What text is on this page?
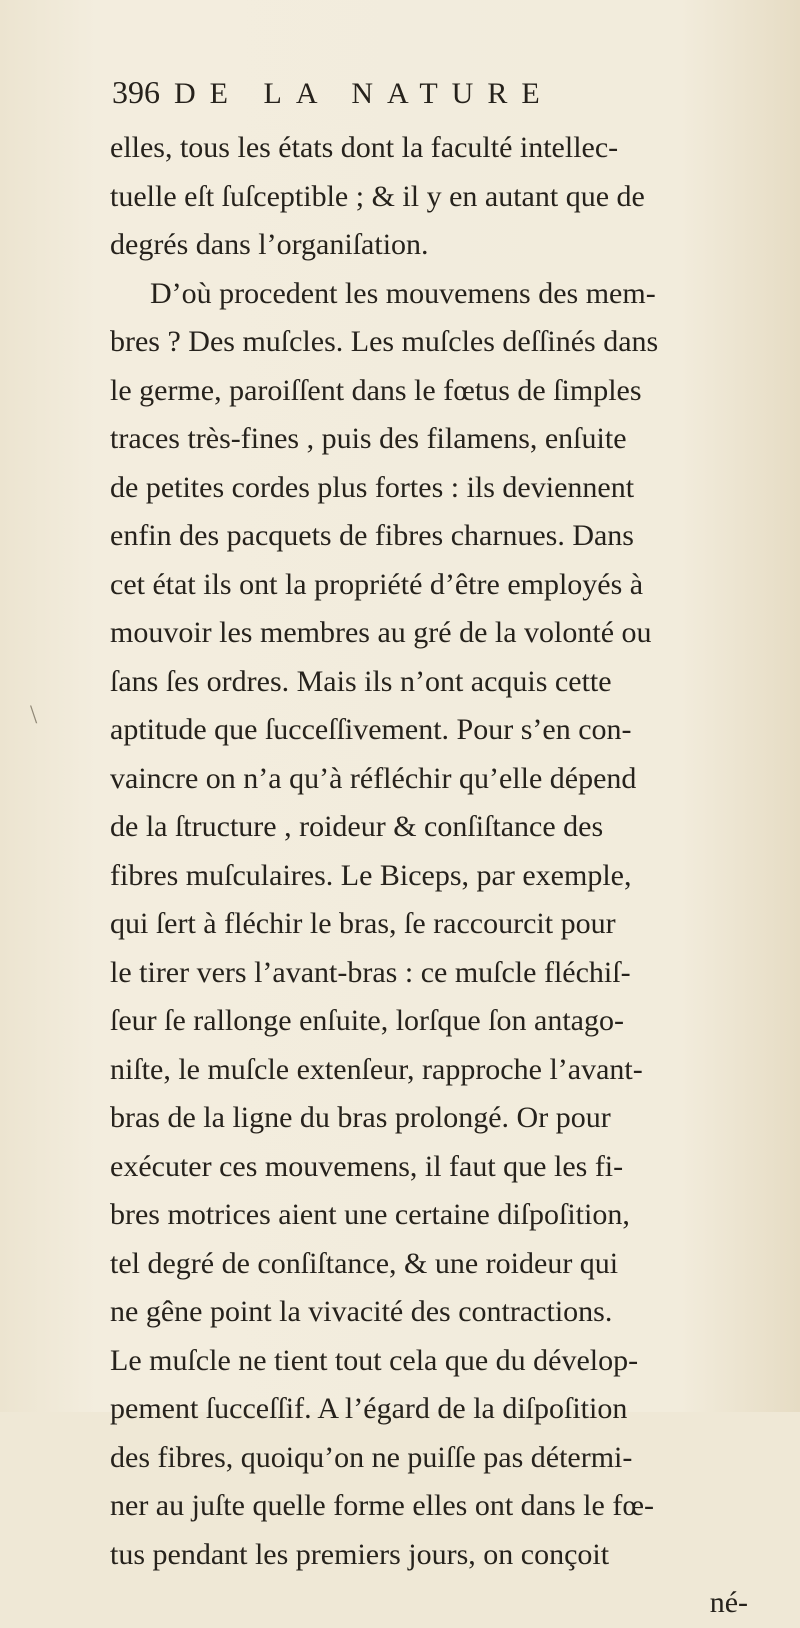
396 DE LA NATURE
\
elles, tous les états dont la faculté intellec-
tuelle eſt ſuſceptible ; & il y en autant que de
degrés dans l’organiſation.
D’où procedent les mouvemens des mem-
bres ? Des muſcles. Les muſcles deſſinés dans
le germe, paroiſſent dans le fœtus de ſimples
traces très-fines , puis des filamens, enſuite
de petites cordes plus fortes : ils deviennent
enfin des pacquets de fibres charnues. Dans
cet état ils ont la propriété d’être employés à
mouvoir les membres au gré de la volonté ou
ſans ſes ordres. Mais ils n’ont acquis cette
aptitude que ſucceſſivement. Pour s’en con-
vaincre on n’a qu’à réfléchir qu’elle dépend
de la ſtructure , roideur & conſiſtance des
fibres muſculaires. Le Biceps, par exemple,
qui ſert à fléchir le bras, ſe raccourcit pour
le tirer vers l’avant-bras : ce muſcle fléchiſ-
ſeur ſe rallonge enſuite, lorſque ſon antago-
niſte, le muſcle extenſeur, rapproche l’avant-
bras de la ligne du bras prolongé. Or pour
exécuter ces mouvemens, il faut que les fi-
bres motrices aient une certaine diſpoſition,
tel degré de conſiſtance, & une roideur qui
ne gêne point la vivacité des contractions.
Le muſcle ne tient tout cela que du dévelop-
pement ſucceſſif. A l’égard de la diſpoſition
des fibres, quoiqu’on ne puiſſe pas détermi-
ner au juſte quelle forme elles ont dans le fœ-
tus pendant les premiers jours, on conçoit
né-
